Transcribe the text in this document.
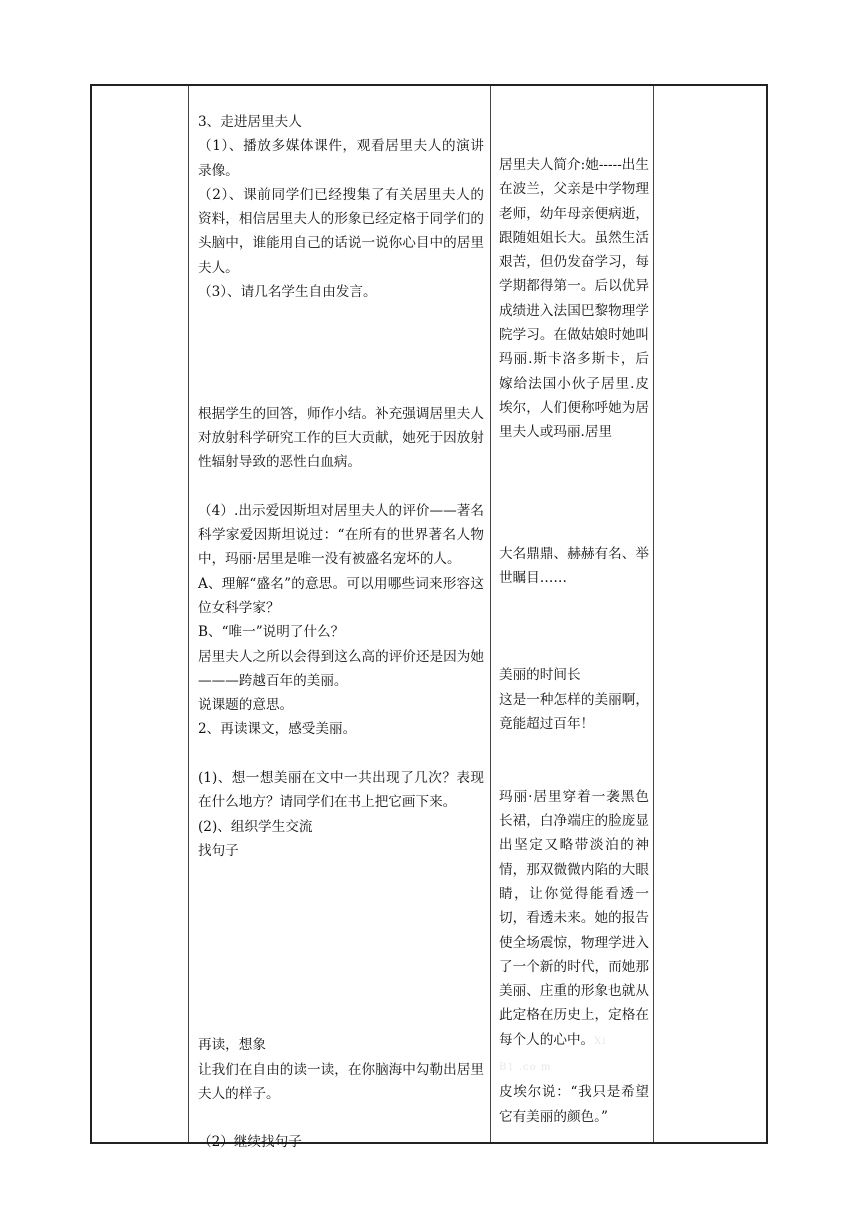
3、走进居里夫人

（1）、播放多媒体课件，观看居里夫人的演讲录像。

（2）、课前同学们已经搜集了有关居里夫人的资料，相信居里夫人的形象已经定格于同学们的头脑中，谁能用自己的话说一说你心目中的居里夫人。

（3）、请几名学生自由发言。

根据学生的回答，师作小结。补充强调居里夫人对放射科学研究工作的巨大贡献，她死于因放射性辐射导致的恶性白血病。

（4）.出示爱因斯坦对居里夫人的评价——著名科学家爱因斯坦说过：“在所有的世界著名人物中，玛丽·居里是唯一没有被盛名宠坏的人。

A、理解“盛名”的意思。可以用哪些词来形容这位女科学家？

B、“唯一”说明了什么？

居里夫人之所以会得到这么高的评价还是因为她———跨越百年的美丽。

说课题的意思。

2、再读课文，感受美丽。

(1)、想一想美丽在文中一共出现了几次？表现在什么地方？请同学们在书上把它画下来。

(2)、组织学生交流

找句子

再读，想象

让我们在自由的读一读，在你脑海中勾勒出居里夫人的样子。

（2）继续找句子

居里夫人简介:她-----出生在波兰，父亲是中学物理老师，幼年母亲便病逝，跟随姐姐长大。虽然生活艰苦，但仍发奋学习，每学期都得第一。后以优异成绩进入法国巴黎物理学院学习。在做姑娘时她叫玛丽.斯卡洛多斯卡，后嫁给法国小伙子居里.皮埃尔，人们便称呼她为居里夫人或玛丽.居里

大名鼎鼎、赫赫有名、举世瞩目……

美丽的时间长

这是一种怎样的美丽啊，竟能超过百年！

玛丽·居里穿着一袭黑色长裙，白净端庄的脸庞显出坚定又略带淡泊的神情，那双微微内陷的大眼睛，让你觉得能看透一切，看透未来。她的报告使全场震惊，物理学进入了一个新的时代，而她那美丽、庄重的形象也就从此定格在历史上，定格在每个人的心中。Xi
B1 .co m

皮埃尔说：“我只是希望它有美丽的颜色。”
